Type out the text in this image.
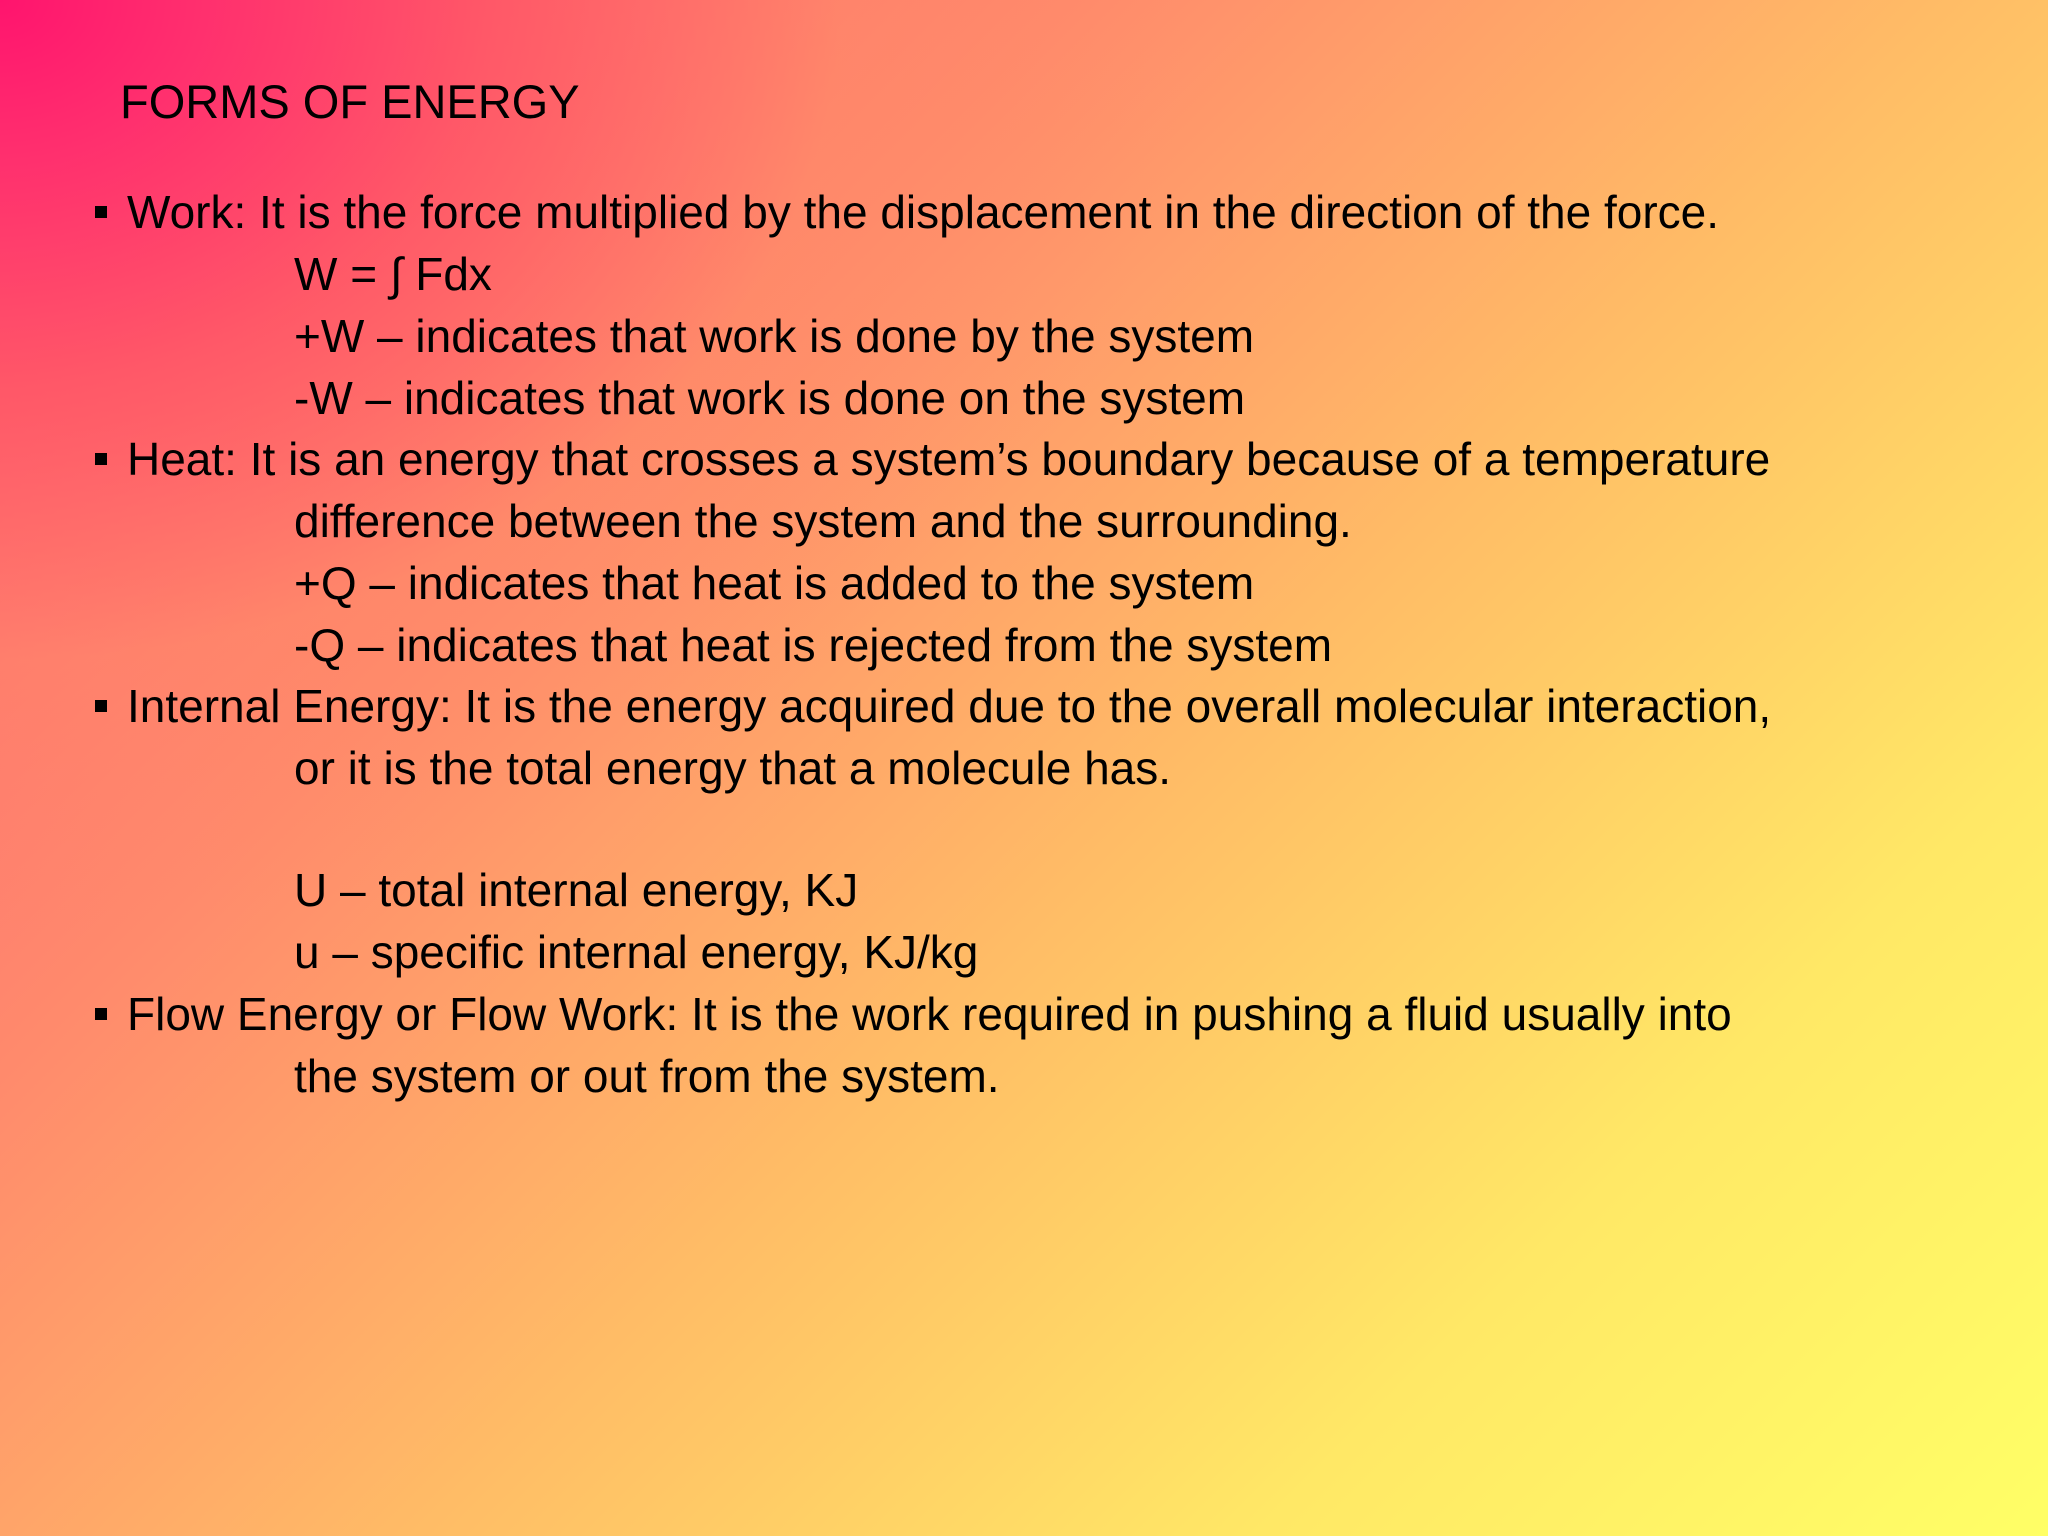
FORMS OF ENERGY
Work: It is the force multiplied by the displacement in the direction of the force.
W = ∫ Fdx
+W – indicates that work is done by the system
-W – indicates that work is done on the system
Heat: It is an energy that crosses a system’s boundary because of a temperature
difference between the system and the surrounding.
+Q – indicates that heat is added to the system
-Q – indicates that heat is rejected from the system
Internal Energy: It is the energy acquired due to the overall molecular interaction,
or it is the total energy that a molecule has.
U – total internal energy, KJ
u – specific internal energy, KJ/kg
Flow Energy or Flow Work: It is the work required in pushing a fluid usually into
the system or out from the system.
